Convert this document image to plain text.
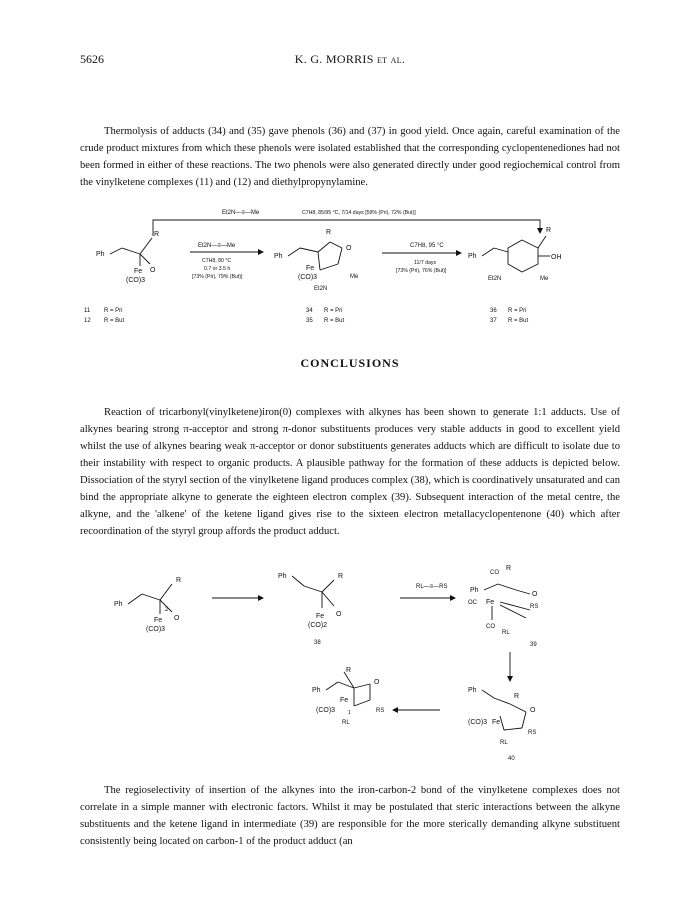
5626	K. G. MORRIS et al.

Thermolysis of adducts (34) and (35) gave phenols (36) and (37) in good yield. Once again, careful examination of the crude product mixtures from which these phenols were isolated established that the corresponding cyclopentenediones had not been formed in either of these reactions. The two phenols were also generated directly under good regiochemical control from the vinylketene complexes (11) and (12) and diethylpropynylamine.

Et2N—≡—Me	C7H8, 85/95 °C, 7/14 days [59% (Pri), 72% (But)]
Ph
R
O
Fe
(CO)3
Et2N—≡—Me
C7H8, 80 °C
0.7 or 3.5 h
[73% (Pri), 79% (But)]
Ph
R
O
Fe
(CO)3	Me
Et2N
C7H8, 95 °C
11/7 days
[73% (Pri), 76% (But)]
Ph
R
OH
Et2N	Me
11 R = Pri
12 R = But
34 R = Pri
35 R = But
36 R = Pri
37 R = But
CONCLUSIONS

Reaction of tricarbonyl(vinylketene)iron(0) complexes with alkynes has been shown to generate 1:1 adducts. Use of alkynes bearing strong π-acceptor and strong π-donor substituents produces very stable adducts in good to excellent yield whilst the use of alkynes bearing weak π-acceptor or donor substituents generates adducts which are difficult to isolate due to their instability with respect to organic products. A plausible pathway for the formation of these adducts is depicted below. Dissociation of the styryl section of the vinylketene ligand produces complex (38), which is coordinatively unsaturated and can bind the appropriate alkyne to generate the eighteen electron complex (39). Subsequent interaction of the metal centre, the alkyne, and the 'alkene' of the ketene ligand gives rise to the sixteen electron metallacyclopentenone (40) which after recoordination of the styryl group affords the product adduct.

Ph
R
2
O
Fe
(CO)3
Ph	R
O
Fe
(CO)2
38
RL—≡—RS
CO
R
Ph
O
OC Fe
RS
CO
RL
39
Ph
R
O
(CO)3 Fe
RS
RL
40
R
Ph
O
Fe
(CO)3 1	RS
RL

The regioselectivity of insertion of the alkynes into the iron-carbon-2 bond of the vinylketene complexes does not correlate in a simple manner with electronic factors. Whilst it may be postulated that steric interactions between the alkyne substituents and the ketene ligand in intermediate (39) are responsible for the more sterically demanding alkyne substituent consistently being located on carbon-1 of the product adduct (an
